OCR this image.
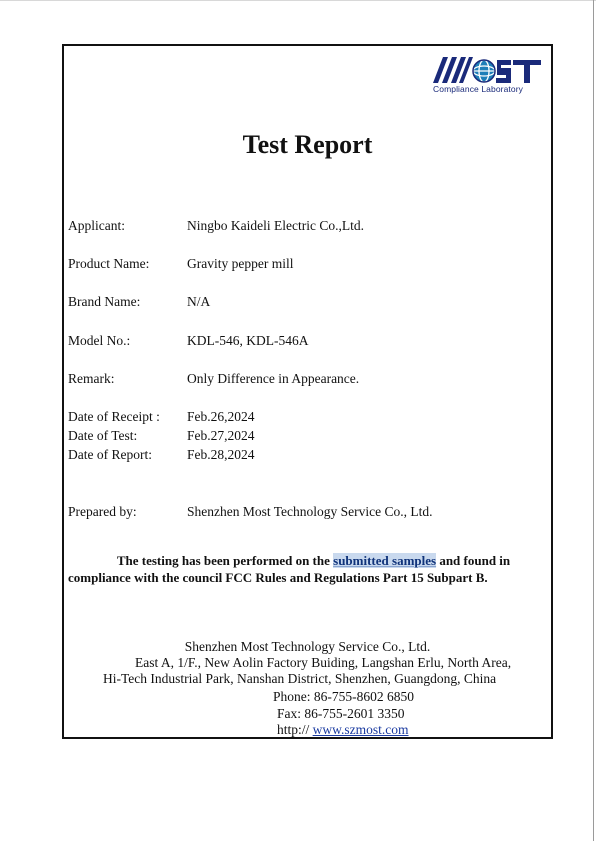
Compliance Laboratory
Test Report
Applicant:	Ningbo Kaideli Electric Co.,Ltd.
Product Name:	Gravity pepper mill
Brand Name:	N/A
Model No.:	KDL-546, KDL-546A
Remark:	Only Difference in Appearance.
Date of Receipt : Feb.26,2024
Date of Test:	Feb.27,2024
Date of Report:	Feb.28,2024
Prepared by:	Shenzhen Most Technology Service Co., Ltd.
The testing has been performed on the submitted samples and found in
compliance with the council FCC Rules and Regulations Part 15 Subpart B.
Shenzhen Most Technology Service Co., Ltd.
East A, 1/F., New Aolin Factory Buiding, Langshan Erlu, North Area,
Hi-Tech Industrial Park, Nanshan District, Shenzhen, Guangdong, China
Phone: 86-755-8602 6850
Fax: 86-755-2601 3350
http:// www.szmost.com
